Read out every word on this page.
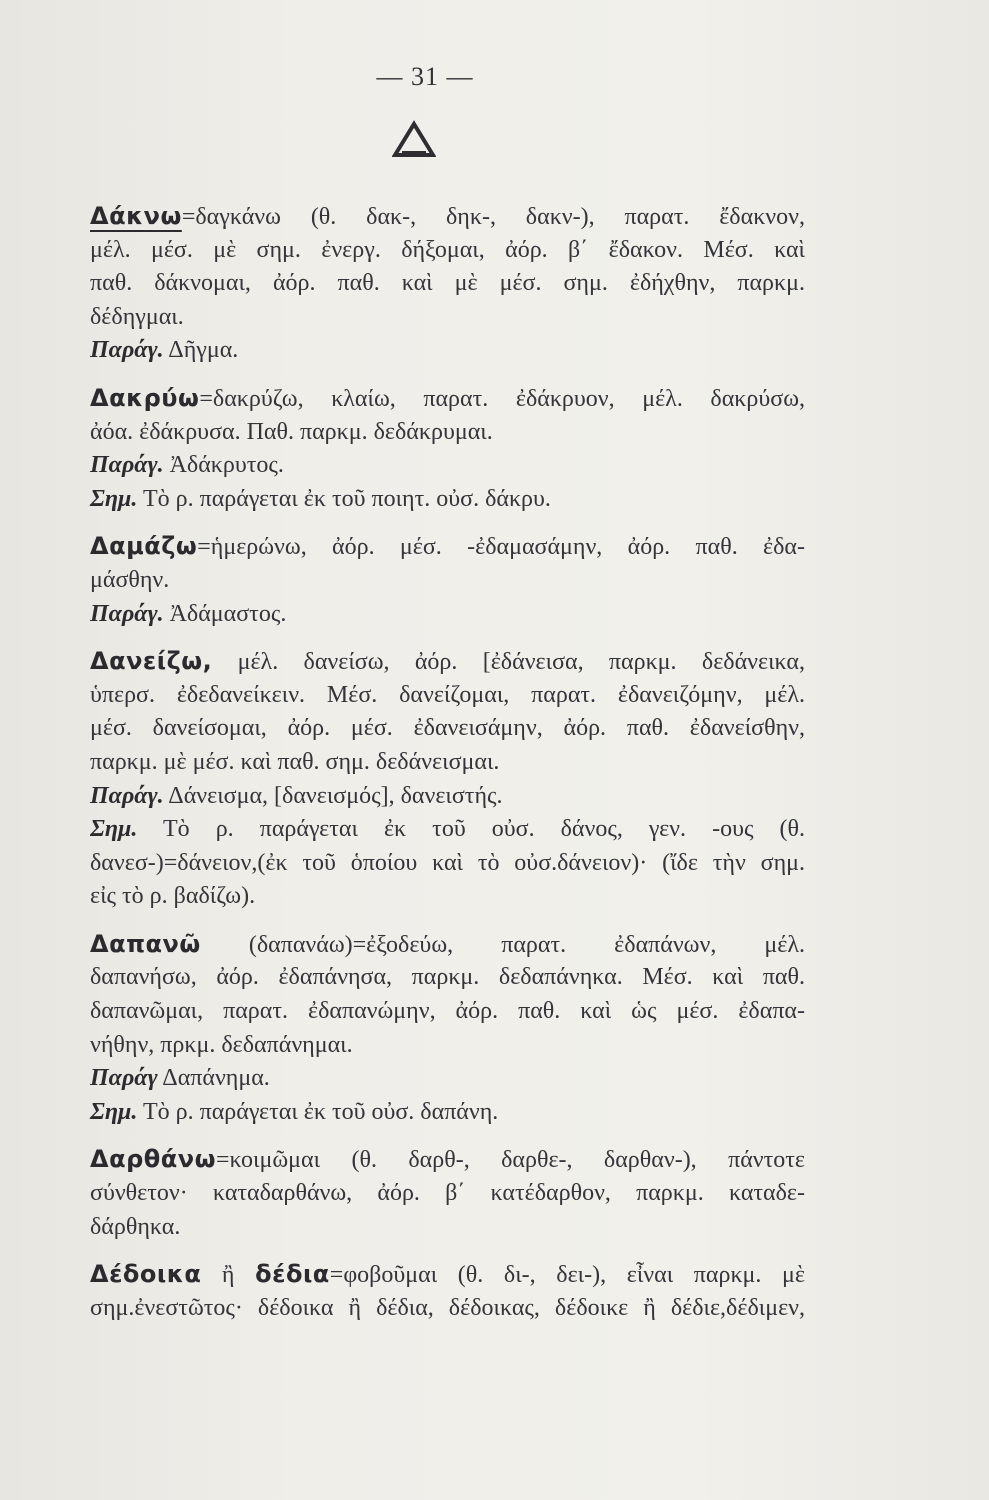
— 31 —
Δάκνω=δαγκάνω (θ. δακ-, δηκ-, δακν-), παρατ. ἔδακνον,
μέλ. μέσ. μὲ σημ. ἐνεργ. δήξομαι, ἀόρ. β΄ ἔδακον. Μέσ. καὶ
παθ. δάκνομαι, ἀόρ. παθ. καὶ μὲ μέσ. σημ. ἐδήχθην, παρκμ.
δέδηγμαι.
Παράγ. Δῆγμα.
Δακρύω=δακρύζω, κλαίω, παρατ. ἐδάκρυον, μέλ. δακρύσω,
ἀόα. ἐδάκρυσα. Παθ. παρκμ. δεδάκρυμαι.
Παράγ. Ἀδάκρυτος.
Σημ. Τὸ ρ. παράγεται ἐκ τοῦ ποιητ. οὐσ. δάκρυ.
Δαμάζω=ἡμερώνω, ἀόρ. μέσ. -ἐδαμασάμην, ἀόρ. παθ. ἐδα-
μάσθην.
Παράγ. Ἀδάμαστος.
Δανείζω, μέλ. δανείσω, ἀόρ. [ἐδάνεισα, παρκμ. δεδάνεικα,
ὑπερσ. ἐδεδανείκειν. Μέσ. δανείζομαι, παρατ. ἐδανειζόμην, μέλ.
μέσ. δανείσομαι, ἀόρ. μέσ. ἐδανεισάμην, ἀόρ. παθ. ἐδανείσθην,
παρκμ. μὲ μέσ. καὶ παθ. σημ. δεδάνεισμαι.
Παράγ. Δάνεισμα, [δανεισμός], δανειστής.
Σημ. Τὸ ρ. παράγεται ἐκ τοῦ οὐσ. δάνος, γεν. -ους (θ.
δανεσ-)=δάνειον,(ἐκ τοῦ ὁποίου καὶ τὸ οὐσ.δάνειον)· (ἴδε τὴν σημ.
εἰς τὸ ρ. βαδίζω).
Δαπανῶ (δαπανάω)=ἐξοδεύω, παρατ. ἐδαπάνων, μέλ.
δαπανήσω, ἀόρ. ἐδαπάνησα, παρκμ. δεδαπάνηκα. Μέσ. καὶ παθ.
δαπανῶμαι, παρατ. ἐδαπανώμην, ἀόρ. παθ. καὶ ὡς μέσ. ἐδαπα-
νήθην, πρκμ. δεδαπάνημαι.
Παράγ Δαπάνημα.
Σημ. Τὸ ρ. παράγεται ἐκ τοῦ οὐσ. δαπάνη.
Δαρθάνω=κοιμῶμαι (θ. δαρθ-, δαρθε-, δαρθαν-), πάντοτε
σύνθετον· καταδαρθάνω, ἀόρ. β΄ κατέδαρθον, παρκμ. καταδε-
δάρθηκα.
Δέδοικα ἢ δέδια=φοβοῦμαι (θ. δι-, δει-), εἶναι παρκμ. μὲ
σημ.ἐνεστῶτος· δέδοικα ἢ δέδια, δέδοικας, δέδοικε ἢ δέδιε,δέδιμεν,
